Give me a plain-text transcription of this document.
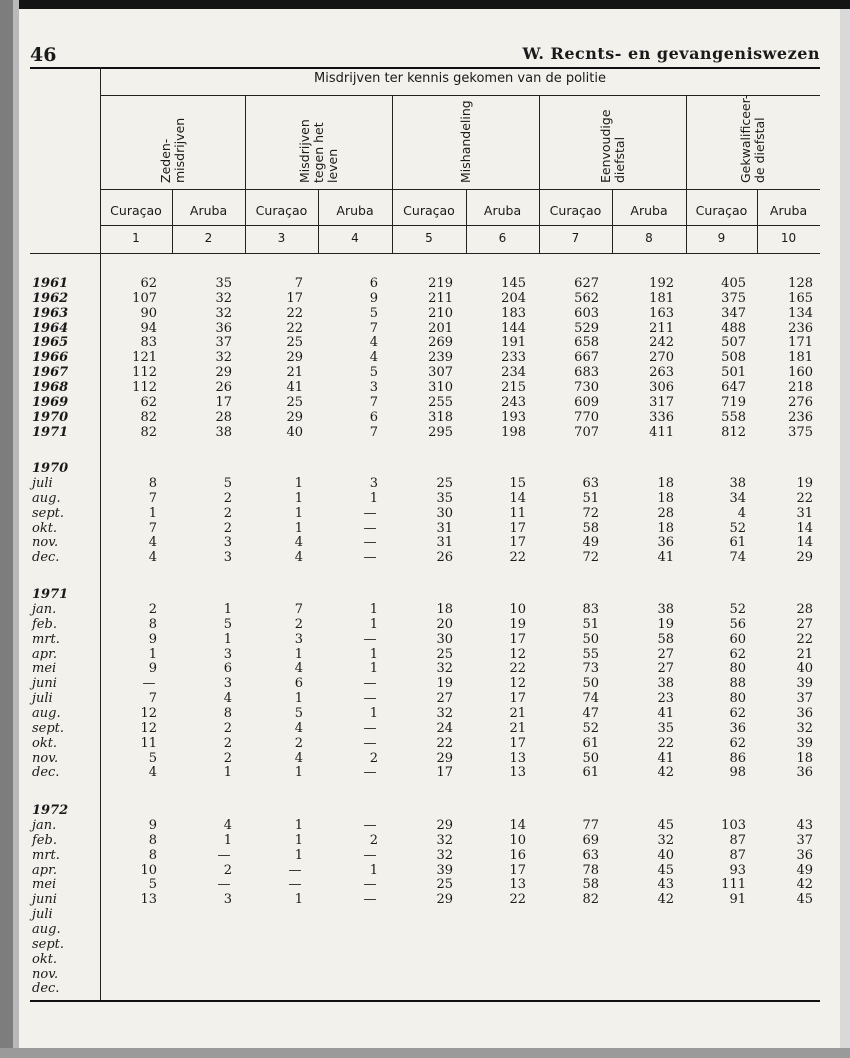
46	W. Recnts- en gevangeniswezen
Misdrijven ter kennis gekomen van de politie
Zeden- misdrijven	Misdrijven tegen het leven	Mishandeling	Eenvoudige diefstal	Gekwalificeer- de diefstal
Curaçao	Aruba	Curaçao	Aruba	Curaçao	Aruba	Curaçao	Aruba	Curaçao	Aruba
1	2	3	4	5	6	7	8	9	10
1961	62	35	7	6	219	145	627	192	405	128
1962	107	32	17	9	211	204	562	181	375	165
1963	90	32	22	5	210	183	603	163	347	134
1964	94	36	22	7	201	144	529	211	488	236
1965	83	37	25	4	269	191	658	242	507	171
1966	121	32	29	4	239	233	667	270	508	181
1967	112	29	21	5	307	234	683	263	501	160
1968	112	26	41	3	310	215	730	306	647	218
1969	62	17	25	7	255	243	609	317	719	276
1970	82	28	29	6	318	193	770	336	558	236
1971	82	38	40	7	295	198	707	411	812	375
1970
juli	8	5	1	3	25	15	63	18	38	19
aug.	7	2	1	1	35	14	51	18	34	22
sept.	1	2	1	—	30	11	72	28	4	31
okt.	7	2	1	—	31	17	58	18	52	14
nov.	4	3	4	—	31	17	49	36	61	14
dec.	4	3	4	—	26	22	72	41	74	29
1971
jan.	2	1	7	1	18	10	83	38	52	28
feb.	8	5	2	1	20	19	51	19	56	27
mrt.	9	1	3	—	30	17	50	58	60	22
apr.	1	3	1	1	25	12	55	27	62	21
mei	9	6	4	1	32	22	73	27	80	40
juni	—	3	6	—	19	12	50	38	88	39
juli	7	4	1	—	27	17	74	23	80	37
aug.	12	8	5	1	32	21	47	41	62	36
sept.	12	2	4	—	24	21	52	35	36	32
okt.	11	2	2	—	22	17	61	22	62	39
nov.	5	2	4	2	29	13	50	41	86	18
dec.	4	1	1	—	17	13	61	42	98	36
1972
jan.	9	4	1	—	29	14	77	45	103	43
feb.	8	1	1	2	32	10	69	32	87	37
mrt.	8	—	1	—	32	16	63	40	87	36
apr.	10	2	—	1	39	17	78	45	93	49
mei	5	—	—	—	25	13	58	43	111	42
juni	13	3	1	—	29	22	82	42	91	45
juli
aug.
sept.
okt.
nov.
dec.
